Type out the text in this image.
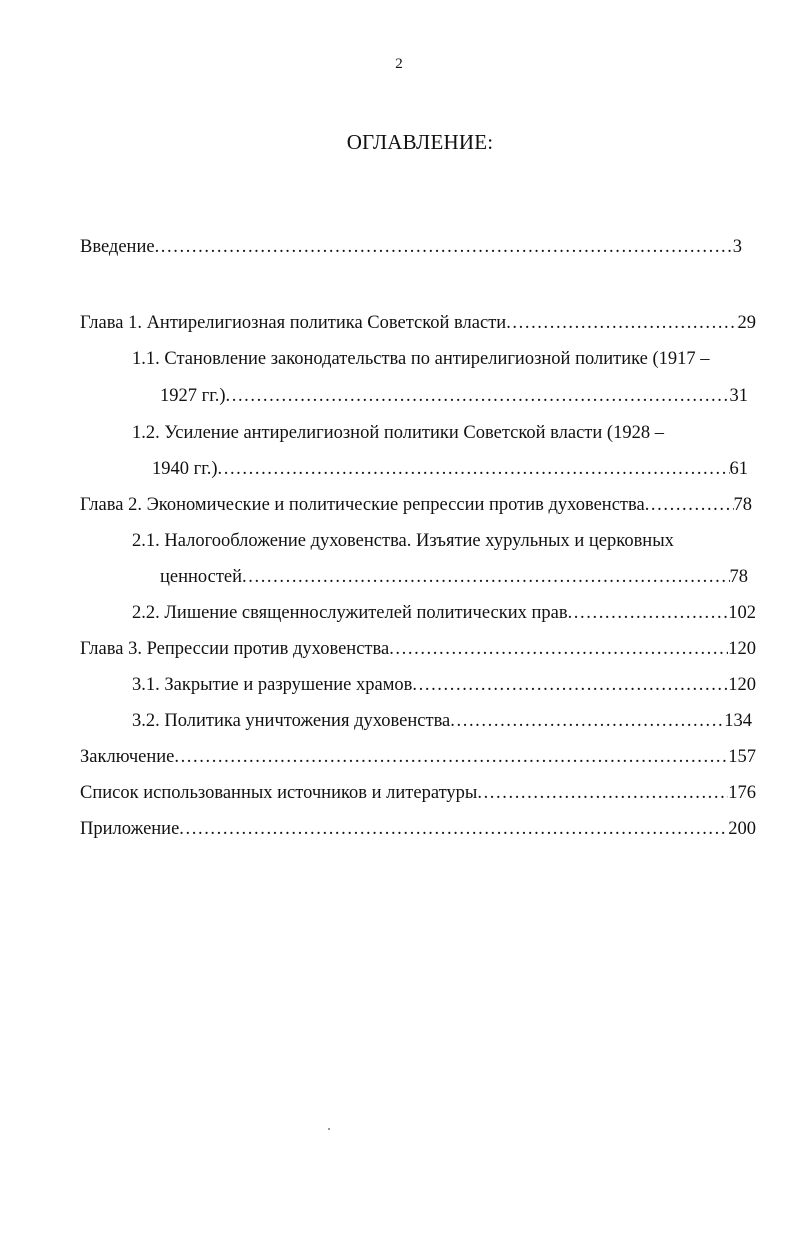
2
ОГЛАВЛЕНИЕ:
Введение .....	3
Глава 1. Антирелигиозная политика Советской власти .....	29
1.1. Становление законодательства по антирелигиозной политике (1917 –
1927 гг.) .....	31
1.2. Усиление антирелигиозной политики Советской власти (1928 –
1940 гг.) .....	61
Глава 2. Экономические и политические репрессии против духовенства .....	78
2.1. Налогообложение духовенства. Изъятие хурульных и церковных
ценностей .....	78
2.2. Лишение священнослужителей политических прав .....	102
Глава 3. Репрессии против духовенства .....	120
3.1. Закрытие и разрушение храмов .....	120
3.2. Политика уничтожения духовенства .....	134
Заключение .....	157
Список использованных источников и литературы .....	176
Приложение .....	200
